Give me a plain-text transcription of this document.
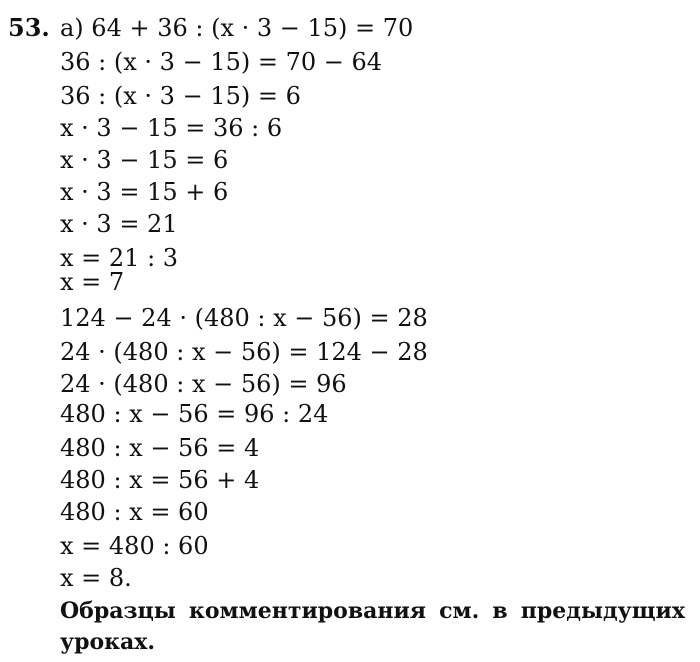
53. а) 64 + 36 : (x · 3 − 15) = 70
36 : (x · 3 − 15) = 70 − 64
36 : (x · 3 − 15) = 6
x · 3 − 15 = 36 : 6
x · 3 − 15 = 6
x · 3 = 15 + 6
x · 3 = 21
x = 21 : 3
x = 7
124 − 24 · (480 : x − 56) = 28
24 · (480 : x − 56) = 124 − 28
24 · (480 : x − 56) = 96
480 : x − 56 = 96 : 24
480 : x − 56 = 4
480 : x = 56 + 4
480 : x = 60
x = 480 : 60
x = 8.
Образцы комментирования см. в предыдущих уроках.
